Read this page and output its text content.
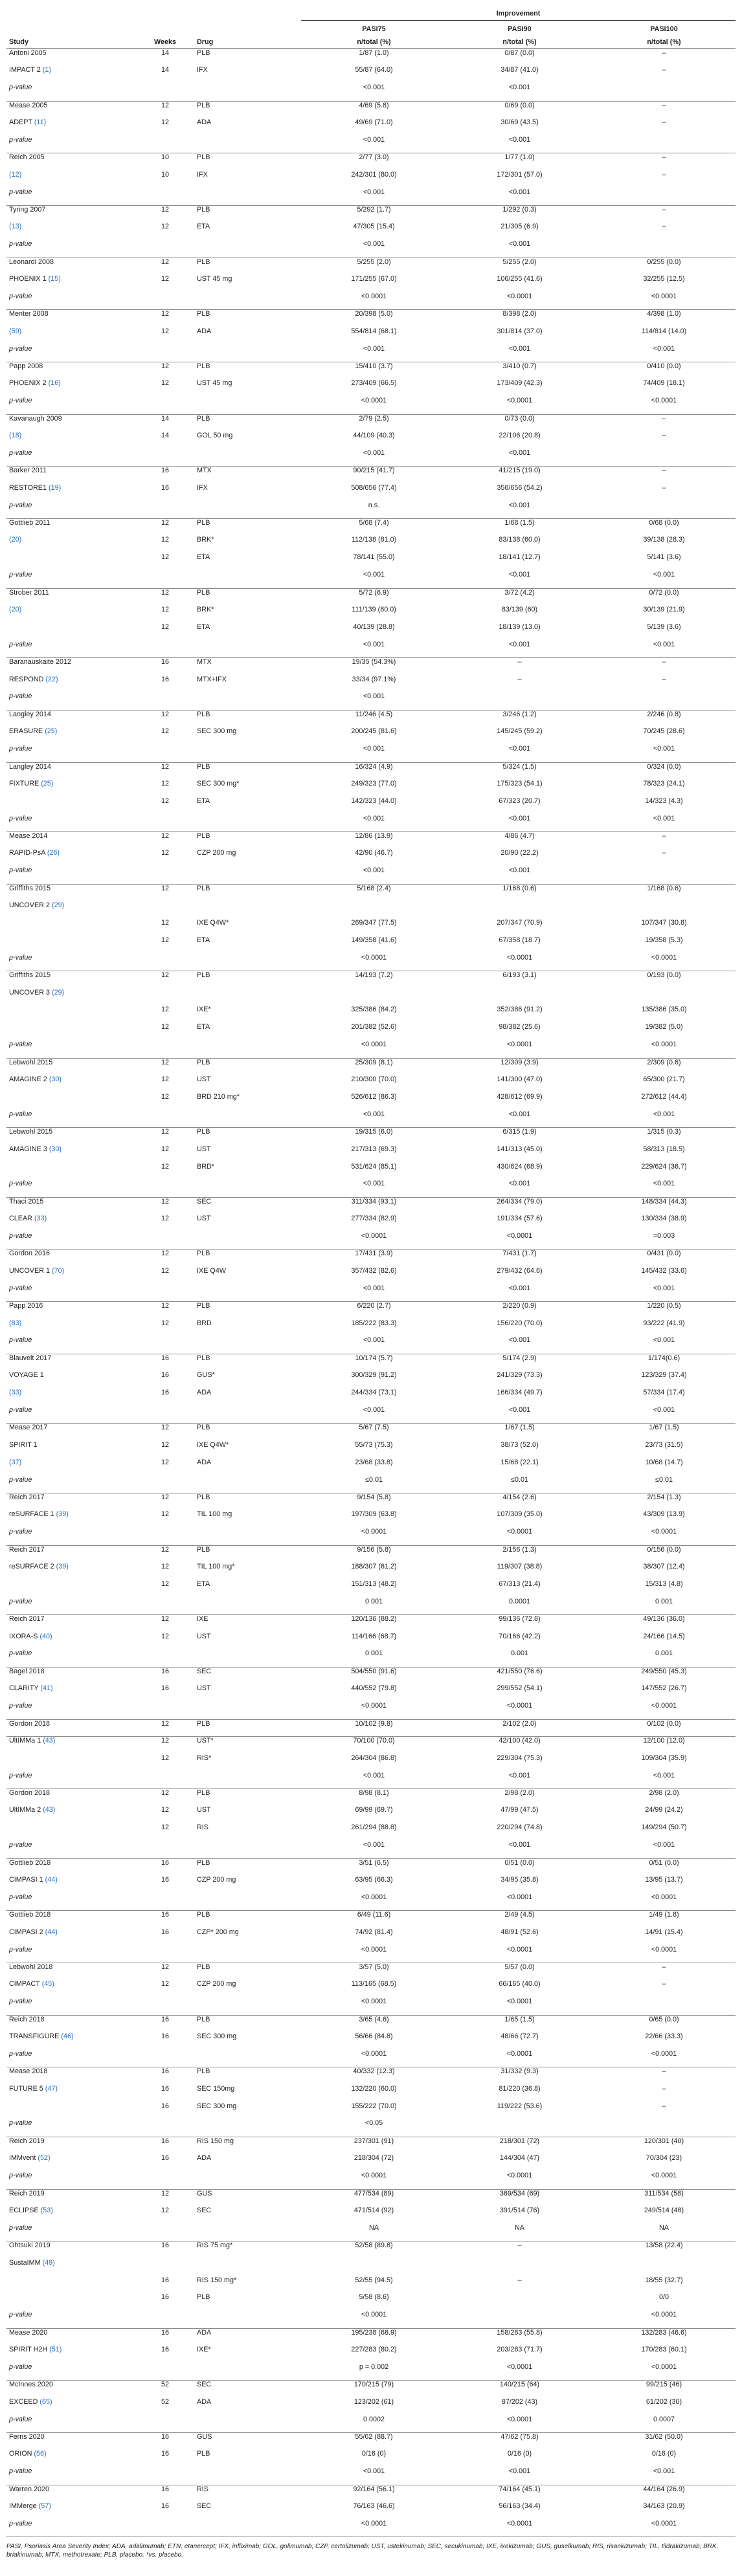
			Improvement		
			PASI75	PASI90	PASI100
Study	Weeks	Drug	n/total (%)	n/total (%)	n/total (%)
Antoni 2005	14	PLB	1/87 (1.0)	0/87 (0.0)	–
IMPACT 2 (1)	14	IFX	55/87 (64.0)	34/87 (41.0)	–
p-value			<0.001	<0.001	
Mease 2005	12	PLB	4/69 (5.8)	0/69 (0.0)	–
ADEPT (11)	12	ADA	49/69 (71.0)	30/69 (43.5)	–
p-value			<0.001	<0.001	
Reich 2005	10	PLB	2/77 (3.0)	1/77 (1.0)	–
(12)	10	IFX	242/301 (80.0)	172/301 (57.0)	–
p-value			<0.001	<0.001	
Tyring 2007	12	PLB	5/292 (1.7)	1/292 (0.3)	–
(13)	12	ETA	47/305 (15.4)	21/305 (6.9)	–
p-value			<0.001	<0.001	
Leonardi 2008	12	PLB	5/255 (2.0)	5/255 (2.0)	0/255 (0.0)
PHOENIX 1 (15)	12	UST 45 mg	171/255 (67.0)	106/255 (41.6)	32/255 (12.5)
p-value			<0.0001	<0.0001	<0.0001
Menter 2008	12	PLB	20/398 (5.0)	8/398 (2.0)	4/398 (1.0)
(59)	12	ADA	554/814 (68.1)	301/814 (37.0)	114/814 (14.0)
p-value			<0.001	<0.001	<0.001
Papp 2008	12	PLB	15/410 (3.7)	3/410 (0.7)	0/410 (0.0)
PHOENIX 2 (16)	12	UST 45 mg	273/409 (66.5)	173/409 (42.3)	74/409 (18.1)
p-value			<0.0001	<0.0001	<0.0001
Kavanaugh 2009	14	PLB	2/79 (2.5)	0/73 (0.0)	–
(18)	14	GOL 50 mg	44/109 (40.3)	22/106 (20.8)	–
p-value			<0.001	<0.001	
Barker 2011	16	MTX	90/215 (41.7)	41/215 (19.0)	–
RESTORE1 (19)	16	IFX	508/656 (77.4)	356/656 (54.2)	–
p-value			n.s.	<0.001	
Gottlieb 2011	12	PLB	5/68 (7.4)	1/68 (1.5)	0/68 (0.0)
(20)	12	BRK*	112/138 (81.0)	83/138 (60.0)	39/138 (28.3)
	12	ETA	78/141 (55.0)	18/141 (12.7)	5/141 (3.6)
p-value			<0.001	<0.001	<0.001
Strober 2011	12	PLB	5/72 (6.9)	3/72 (4.2)	0/72 (0.0)
(20)	12	BRK*	111/139 (80.0)	83/139 (60)	30/139 (21.9)
	12	ETA	40/139 (28.8)	18/139 (13.0)	5/139 (3.6)
p-value			<0.001	<0.001	<0.001
Baranauskaite 2012	16	MTX	19/35 (54.3%)	–	–
RESPOND (22)	16	MTX+IFX	33/34 (97.1%)	–	–
p-value			<0.001		
Langley 2014	12	PLB	11/246 (4.5)	3/246 (1.2)	2/246 (0.8)
ERASURE (25)	12	SEC 300 mg	200/245 (81.6)	145/245 (59.2)	70/245 (28.6)
p-value			<0.001	<0.001	<0.001
Langley 2014	12	PLB	16/324 (4.9)	5/324 (1.5)	0/324 (0.0)
FIXTURE (25)	12	SEC 300 mg*	249/323 (77.0)	175/323 (54.1)	78/323 (24.1)
	12	ETA	142/323 (44.0)	67/323 (20.7)	14/323 (4.3)
p-value			<0.001	<0.001	<0.001
Mease 2014	12	PLB	12/86 (13.9)	4/86 (4.7)	–
RAPID-PsA (26)	12	CZP 200 mg	42/90 (46.7)	20/90 (22.2)	–
p-value			<0.001	<0.001	
Griffiths 2015	12	PLB	5/168 (2.4)	1/168 (0.6)	1/168 (0.6)
UNCOVER 2 (29)					
	12	IXE Q4W*	269/347 (77.5)	207/347 (70.9)	107/347 (30.8)
	12	ETA	149/358 (41.6)	67/358 (18.7)	19/358 (5.3)
p-value			<0.0001	<0.0001	<0.0001
Griffiths 2015	12	PLB	14/193 (7.2)	6/193 (3.1)	0/193 (0.0)
UNCOVER 3 (29)					
	12	IXE*	325/386 (84.2)	352/386 (91.2)	135/386 (35.0)
	12	ETA	201/382 (52.6)	98/382 (25.6)	19/382 (5.0)
p-value			<0.0001	<0.0001	<0.0001
Lebwohl 2015	12	PLB	25/309 (8.1)	12/309 (3.9)	2/309 (0.6)
AMAGINE 2 (30)	12	UST	210/300 (70.0)	141/300 (47.0)	65/300 (21.7)
	12	BRD 210 mg*	526/612 (86.3)	428/612 (69.9)	272/612 (44.4)
p-value			<0.001	<0.001	<0.001
Lebwohl 2015	12	PLB	19/315 (6.0)	6/315 (1.9)	1/315 (0.3)
AMAGINE 3 (30)	12	UST	217/313 (69.3)	141/313 (45.0)	58/313 (18.5)
	12	BRD*	531/624 (85.1)	430/624 (68.9)	229/624 (36.7)
p-value			<0.001	<0.001	<0.001
Thaci 2015	12	SEC	311/334 (93.1)	264/334 (79.0)	148/334 (44.3)
CLEAR (33)	12	UST	277/334 (82.9)	191/334 (57.6)	130/334 (38.9)
p-value			<0.0001	<0.0001	=0.003
Gordon 2016	12	PLB	17/431 (3.9)	7/431 (1.7)	0/431 (0.0)
UNCOVER 1 (70)	12	IXE Q4W	357/432 (82.6)	279/432 (64.6)	145/432 (33.6)
p-value			<0.001	<0.001	<0.001
Papp 2016	12	PLB	6/220 (2.7)	2/220 (0.9)	1/220 (0.5)
(83)	12	BRD	185/222 (83.3)	156/220 (70.0)	93/222 (41.9)
p-value			<0.001	<0.001	<0.001
Blauvelt 2017	16	PLB	10/174 (5.7)	5/174 (2.9)	1/174(0.6)
VOYAGE 1	16	GUS*	300/329 (91.2)	241/329 (73.3)	123/329 (37.4)
(33)	16	ADA	244/334 (73.1)	166/334 (49.7)	57/334 (17.4)
p-value			<0.001	<0.001	<0.001
Mease 2017	12	PLB	5/67 (7.5)	1/67 (1.5)	1/67 (1.5)
SPIRIT 1	12	IXE Q4W*	55/73 (75.3)	38/73 (52.0)	23/73 (31.5)
(37)	12	ADA	23/68 (33.8)	15/68 (22.1)	10/68 (14.7)
p-value			≤0.01	≤0.01	≤0.01
Reich 2017	12	PLB	9/154 (5.8)	4/154 (2.6)	2/154 (1.3)
reSURFACE 1 (39)	12	TIL 100 mg	197/309 (63.8)	107/309 (35.0)	43/309 (13.9)
p-value			<0.0001	<0.0001	<0.0001
Reich 2017	12	PLB	9/156 (5.8)	2/156 (1.3)	0/156 (0.0)
reSURFACE 2 (39)	12	TIL 100 mg*	188/307 (61.2)	119/307 (38.8)	38/307 (12.4)
	12	ETA	151/313 (48.2)	67/313 (21.4)	15/313 (4.8)
p-value			0.001	0.0001	0.001
Reich 2017	12	IXE	120/136 (88.2)	99/136 (72.8)	49/136 (36.0)
IXORA-S (40)	12	UST	114/166 (68.7)	70/166 (42.2)	24/166 (14.5)
p-value			0.001	0.001	0.001
Bagel 2018	16	SEC	504/550 (91.6)	421/550 (76.6)	249/550 (45.3)
CLARITY (41)	16	UST	440/552 (79.8)	299/552 (54.1)	147/552 (26.7)
p-value			<0.0001	<0.0001	<0.0001
Gordon 2018	12	PLB	10/102 (9.8)	2/102 (2.0)	0/102 (0.0)
UltIMMa 1 (43)	12	UST*	70/100 (70.0)	42/100 (42.0)	12/100 (12.0)
	12	RIS*	264/304 (86.8)	229/304 (75.3)	109/304 (35.9)
p-value			<0.001	<0.001	<0.001
Gordon 2018	12	PLB	8/98 (8.1)	2/98 (2.0)	2/98 (2.0)
UltIMMa 2 (43)	12	UST	69/99 (69.7)	47/99 (47.5)	24/99 (24.2)
	12	RIS	261/294 (88.8)	220/294 (74.8)	149/294 (50.7)
p-value			<0.001	<0.001	<0.001
Gottlieb 2018	16	PLB	3/51 (6.5)	0/51 (0.0)	0/51 (0.0)
CIMPASI 1 (44)	16	CZP 200 mg	63/95 (66.3)	34/95 (35.8)	13/95 (13.7)
p-value			<0.0001	<0.0001	<0.0001
Gottlieb 2018	16	PLB	6/49 (11.6)	2/49 (4.5)	1/49 (1.8)
CIMPASI 2 (44)	16	CZP* 200 mg	74/92 (81.4)	48/91 (52.6)	14/91 (15.4)
p-value			<0.0001	<0.0001	<0.0001
Lebwohl 2018	12	PLB	3/57 (5.0)	5/57 (0.0)	–
CIMPACT (45)	12	CZP 200 mg	113/165 (68.5)	66/165 (40.0)	–
p-value			<0.0001	<0.0001	
Reich 2018	16	PLB	3/65 (4.6)	1/65 (1.5)	0/65 (0.0)
TRANSFIGURE (46)	16	SEC 300 mg	56/66 (84.8)	48/66 (72.7)	22/66 (33.3)
p-value			<0.0001	<0.0001	<0.0001
Mease 2018	16	PLB	40/332 (12.3)	31/332 (9.3)	–
FUTURE 5 (47)	16	SEC 150mg	132/220 (60.0)	81/220 (36.8)	–
	16	SEC 300 mg	155/222 (70.0)	119/222 (53.6)	–
p-value			<0.05		
Reich 2019	16	RIS 150 mg	237/301 (91)	218/301 (72)	120/301 (40)
IMMvent (52)	16	ADA	218/304 (72)	144/304 (47)	70/304 (23)
p-value			<0.0001	<0.0001	<0.0001
Reich 2019	12	GUS	477/534 (89)	369/534 (69)	311/534 (58)
ECLIPSE (53)	12	SEC	471/514 (92)	391/514 (76)	249/514 (48)
p-value			NA	NA	NA
Ohtsuki 2019	16	RIS 75 mg*	52/58 (89.8)	–	13/58 (22.4)
SustaIMM (49)					
	16	RIS 150 mg*	52/55 (94.5)	–	18/55 (32.7)
	16	PLB	5/58 (8.6)		0/0
p-value			<0.0001		<0.0001
Mease 2020	16	ADA	195/238 (68.9)	158/283 (55.8)	132/283 (46.6)
SPIRIT H2H (51)	16	IXE*	227/283 (80.2)	203/283 (71.7)	170/283 (60.1)
p-value			p = 0.002	<0.0001	<0.0001
McInnes 2020	52	SEC	170/215 (79)	140/215 (64)	99/215 (46)
EXCEED (65)	52	ADA	123/202 (61)	87/202 (43)	61/202 (30)
p-value			0.0002	<0.0001	0.0007
Ferris 2020	16	GUS	55/62 (88.7)	47/62 (75.8)	31/62 (50.0)
ORION (56)	16	PLB	0/16 (0)	0/16 (0)	0/16 (0)
p-value			<0.001	<0.001	<0.001
Warren 2020	16	RIS	92/164 (56.1)	74/164 (45.1)	44/164 (26.9)
IMMerge (57)	16	SEC	76/163 (46.6)	56/163 (34.4)	34/163 (20.9)
p-value			<0.0001	<0.0001	<0.0001
PASI, Psoriasis Area Severity Index; ADA, adalimumab; ETN, etanercept; IFX, infliximab; GOL, golimumab; CZP, certolizumab; UST, ustekinumab; SEC, secukinumab; IXE, ixekizumab; GUS, guselkumab; RIS, risankizumab; TIL, tildrakizumab; BRK, briakinumab; MTX, methotrexate; PLB, placebo. *vs. placebo.
